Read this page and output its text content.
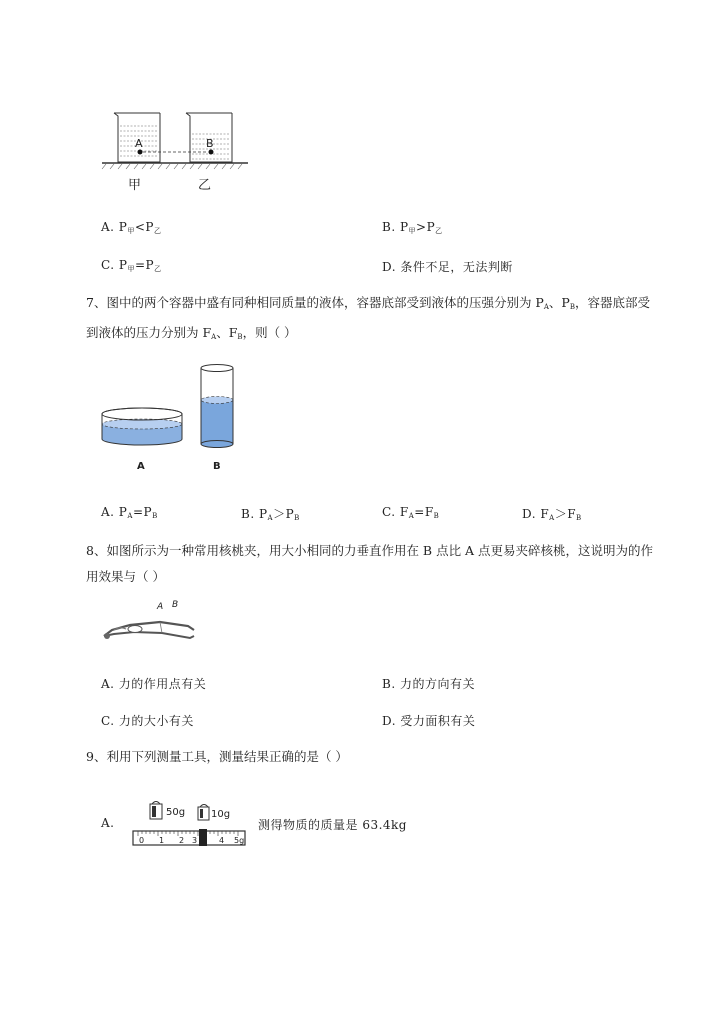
A	B
甲	乙
A. $P_甲<P_乙$	B. $P_甲>P_乙$
C. $P_甲=P_乙$	D. 条件不足，无法判断
7、图中的两个容器中盛有同种相同质量的液体，容器底部受到液体的压强分别为 $P_A$、$P_B$，容器底部受
到液体的压力分别为 $F_A$、$F_B$，则（ ）
A	B
A. $P_A=P_B$	B. $P_A>P_B$	C. $F_A=F_B$	D. $F_A>F_B$
8、如图所示为一种常用核桃夹，用大小相同的力垂直作用在 B 点比 A 点更易夹碎核桃，这说明为的作
用效果与（ ）
A B
A. 力的作用点有关	B. 力的方向有关
C. 力的大小有关	D. 受力面积有关
9、利用下列测量工具，测量结果正确的是（ ）
A.
50g	10g
0 1 2 3	4 5g
测得物质的质量是 63.4kg
